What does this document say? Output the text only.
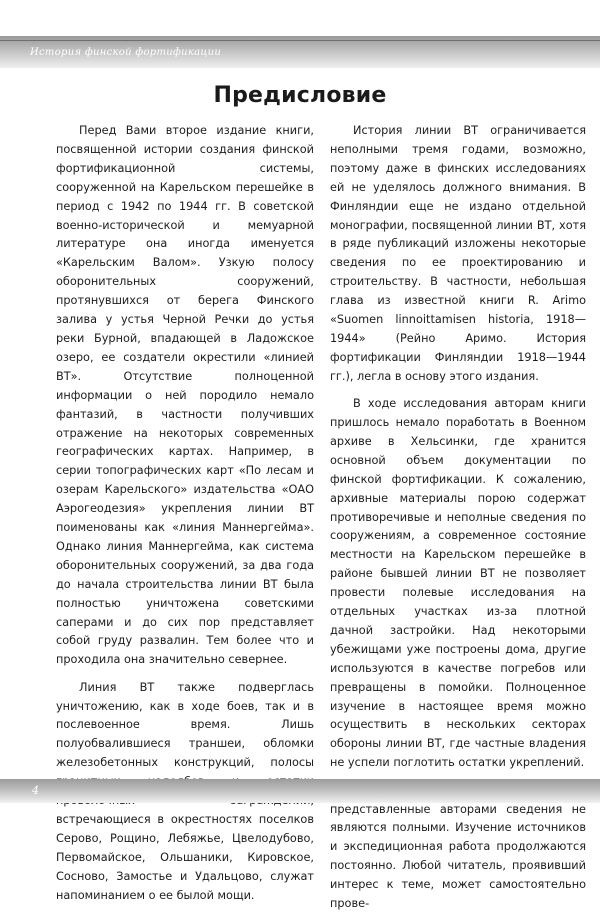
История финской фортификации
Предисловие

Перед Вами второе издание книги, посвященной истории создания финской фортификационной системы, сооруженной на Карельском перешейке в период с 1942 по 1944 гг. В советской военно-исторической и мемуарной литературе она иногда именуется «Карельским Валом». Узкую полосу оборонительных сооружений, протянувшихся от берега Финского залива у устья Черной Речки до устья реки Бурной, впадающей в Ладожское озеро, ее создатели окрестили «линией ВТ». Отсутствие полноценной информации о ней породило немало фантазий, в частности получивших отражение на некоторых современных географических картах. Например, в серии топографических карт «По лесам и озерам Карельского» издательства «ОАО Аэрогеодезия» укрепления линии ВТ поименованы как «линия Маннергейма». Однако линия Маннергейма, как система оборонительных сооружений, за два года до начала строительства линии ВТ была полностью уничтожена советскими саперами и до сих пор представляет собой груду развалин. Тем более что и проходила она значительно севернее.

Линия ВТ также подверглась уничтожению, как в ходе боев, так и в послевоенное время. Лишь полуобвалившиеся траншеи, обломки железобетонных конструкций, полосы встречающиеся в окрестностях поселков Серово, Рощино, Лебяжье, Цвелодубово, Первомайское, Ольшаники, Кировское, Сосново, Замостье и Удальцово, служат напоминанием о ее былой мощи.

История линии ВТ ограничивается неполными тремя годами, возможно, поэтому даже в финских исследованиях ей не уделялось должного внимания. В Финляндии еще не издано отдельной монографии, посвященной линии ВТ, хотя в ряде публикаций изложены некоторые сведения по ее проектированию и строительству. В частности, небольшая глава из известной книги R. Arimo «Suomen linnoittamisen historia, 1918—1944» (Рейно Аримо. История фортификации Финляндии 1918—1944 гг.), легла в основу этого издания.

В ходе исследования авторам книги пришлось немало поработать в Военном архиве в Хельсинки, где хранится основной объем документации по финской фортификации. К сожалению, архивные материалы порою содержат противоречивые и неполные сведения по сооружениям, а современное состояние местности на Карельском перешейке в районе бывшей линии ВТ не позволяет провести полевые исследования на отдельных участках из-за плотной дачной застройки. Над некоторыми убежищами уже построены дома, другие используются в качестве погребов или превращены в помойки. Полноценное изучение в настоящее время можно осуществить в нескольких секторах обороны линии ВТ, где частные владения не успели поглотить остатки укреплений.

представленные авторами сведения не являются полными. Изучение источников и экспедиционная работа продолжаются постоянно. Любой читатель, проявивший интерес к теме, может самостоятельно прове-

4
